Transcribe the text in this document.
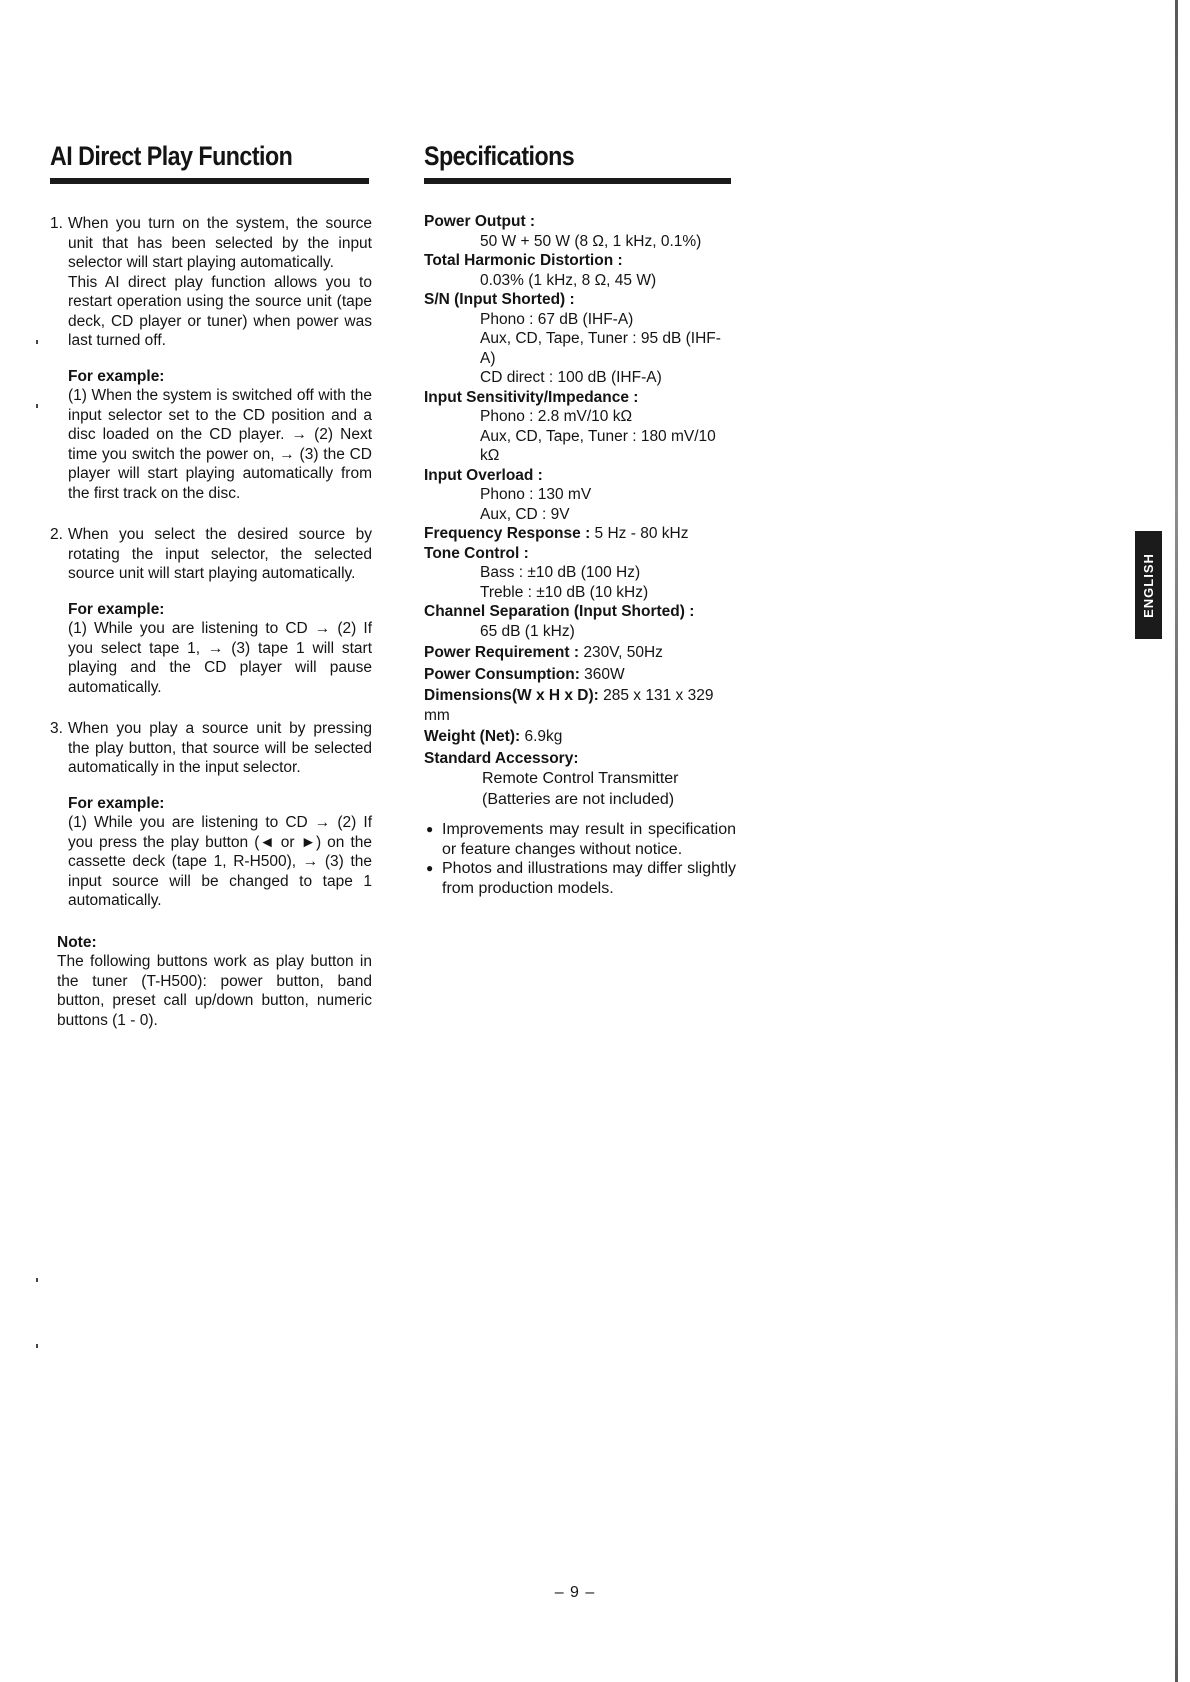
AI Direct Play Function
1. When you turn on the system, the source unit that has been selected by the input selector will start playing automatically.

This AI direct play function allows you to restart operation using the source unit (tape deck, CD player or tuner) when power was last turned off.

For example:

(1) When the system is switched off with the input selector set to the CD position and a disc loaded on the CD player. → (2) Next time you switch the power on, → (3) the CD player will start playing automatically from the first track on the disc.

2. When you select the desired source by rotating the input selector, the selected source unit will start playing automatically.

For example:

(1) While you are listening to CD → (2) If you select tape 1, → (3) tape 1 will start playing and the CD player will pause automatically.

3. When you play a source unit by pressing the play button, that source will be selected automatically in the input selector.

For example:

(1) While you are listening to CD → (2) If you press the play button (◄ or ►) on the cassette deck (tape 1, R-H500), → (3) the input source will be changed to tape 1 automatically.

Note:

The following buttons work as play button in the tuner (T-H500): power button, band button, preset call up/down button, numeric buttons (1 - 0).

Specifications
Power Output :
50 W + 50 W (8 Ω, 1 kHz, 0.1%)
Total Harmonic Distortion :
0.03% (1 kHz, 8 Ω, 45 W)
S/N (Input Shorted) :
Phono : 67 dB (IHF-A)
Aux, CD, Tape, Tuner : 95 dB (IHF-A)
CD direct : 100 dB (IHF-A)
Input Sensitivity/Impedance :
Phono : 2.8 mV/10 kΩ
Aux, CD, Tape, Tuner : 180 mV/10 kΩ
Input Overload :
Phono : 130 mV
Aux, CD : 9V
Frequency Response : 5 Hz - 80 kHz
Tone Control :
Bass : ±10 dB (100 Hz)
Treble : ±10 dB (10 kHz)
Channel Separation (Input Shorted) :
65 dB (1 kHz)
Power Requirement : 230V, 50Hz
Power Consumption: 360W
Dimensions(W x H x D): 285 x 131 x 329 mm
Weight (Net): 6.9kg
Standard Accessory:
Remote Control Transmitter
(Batteries are not included)
● Improvements may result in specification or feature changes without notice.
● Photos and illustrations may differ slightly from production models.
ENGLISH
– 9 –
